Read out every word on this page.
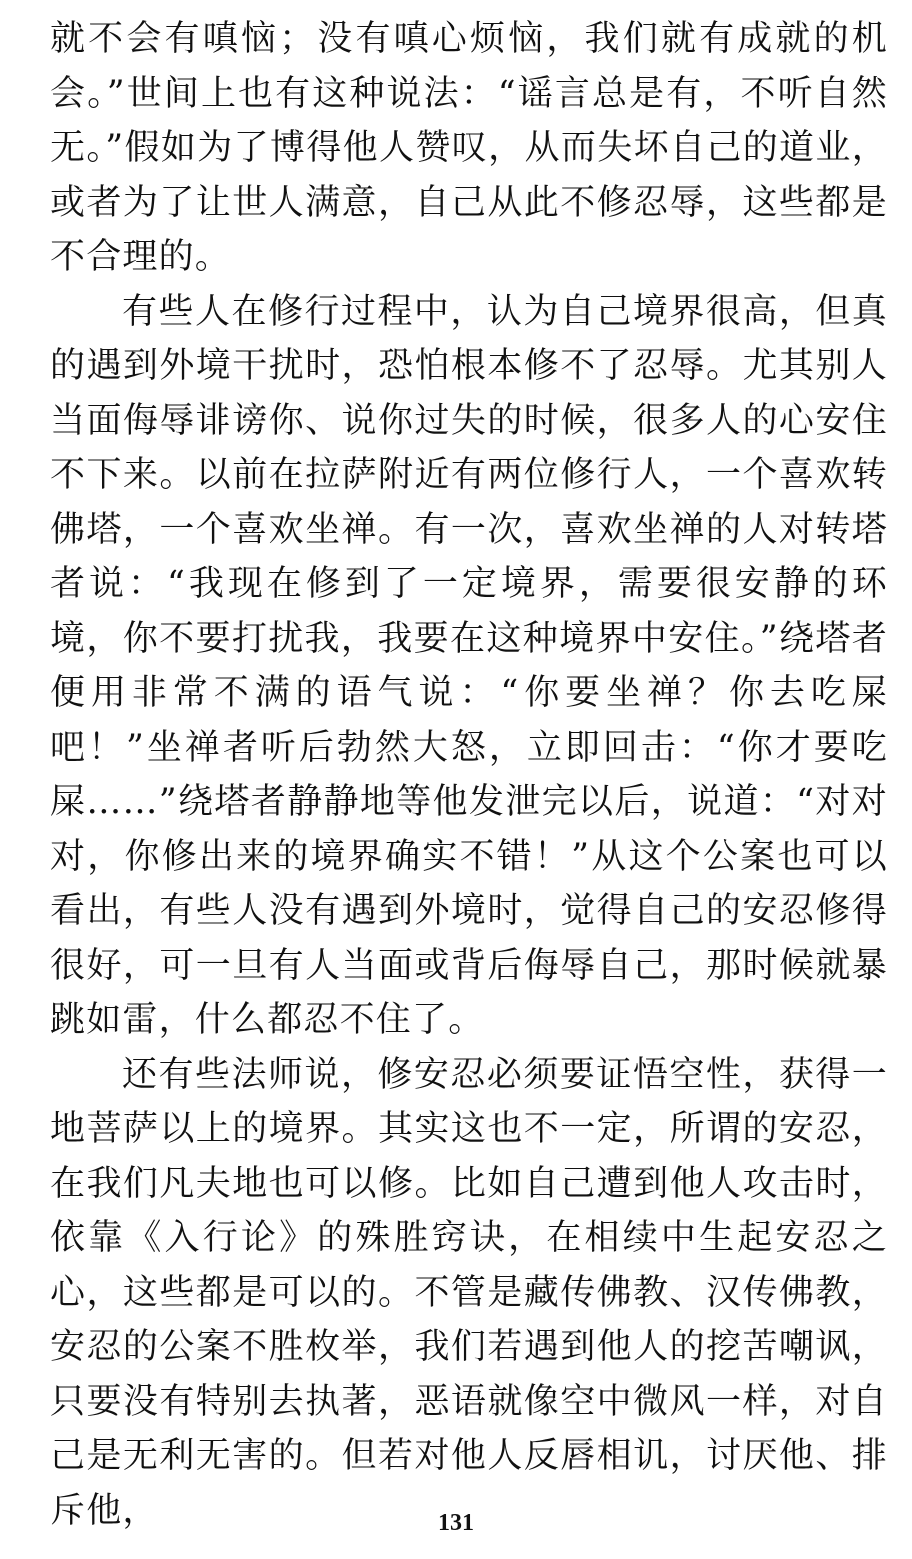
就不会有嗔恼；没有嗔心烦恼，我们就有成就的机会。”世间上也有这种说法：“谣言总是有，不听自然无。”假如为了博得他人赞叹，从而失坏自己的道业，或者为了让世人满意，自己从此不修忍辱，这些都是不合理的。

有些人在修行过程中，认为自己境界很高，但真的遇到外境干扰时，恐怕根本修不了忍辱。尤其别人当面侮辱诽谤你、说你过失的时候，很多人的心安住不下来。以前在拉萨附近有两位修行人，一个喜欢转佛塔，一个喜欢坐禅。有一次，喜欢坐禅的人对转塔者说：“我现在修到了一定境界，需要很安静的环境，你不要打扰我，我要在这种境界中安住。”绕塔者便用非常不满的语气说：“你要坐禅？你去吃屎吧！”坐禅者听后勃然大怒，立即回击：“你才要吃屎……”绕塔者静静地等他发泄完以后，说道：“对对对，你修出来的境界确实不错！”从这个公案也可以看出，有些人没有遇到外境时，觉得自己的安忍修得很好，可一旦有人当面或背后侮辱自己，那时候就暴跳如雷，什么都忍不住了。

还有些法师说，修安忍必须要证悟空性，获得一地菩萨以上的境界。其实这也不一定，所谓的安忍，在我们凡夫地也可以修。比如自己遭到他人攻击时，依靠《入行论》的殊胜窍诀，在相续中生起安忍之心，这些都是可以的。不管是藏传佛教、汉传佛教，安忍的公案不胜枚举，我们若遇到他人的挖苦嘲讽，只要没有特别去执著，恶语就像空中微风一样，对自己是无利无害的。但若对他人反唇相讥，讨厌他、排斥他，	131
